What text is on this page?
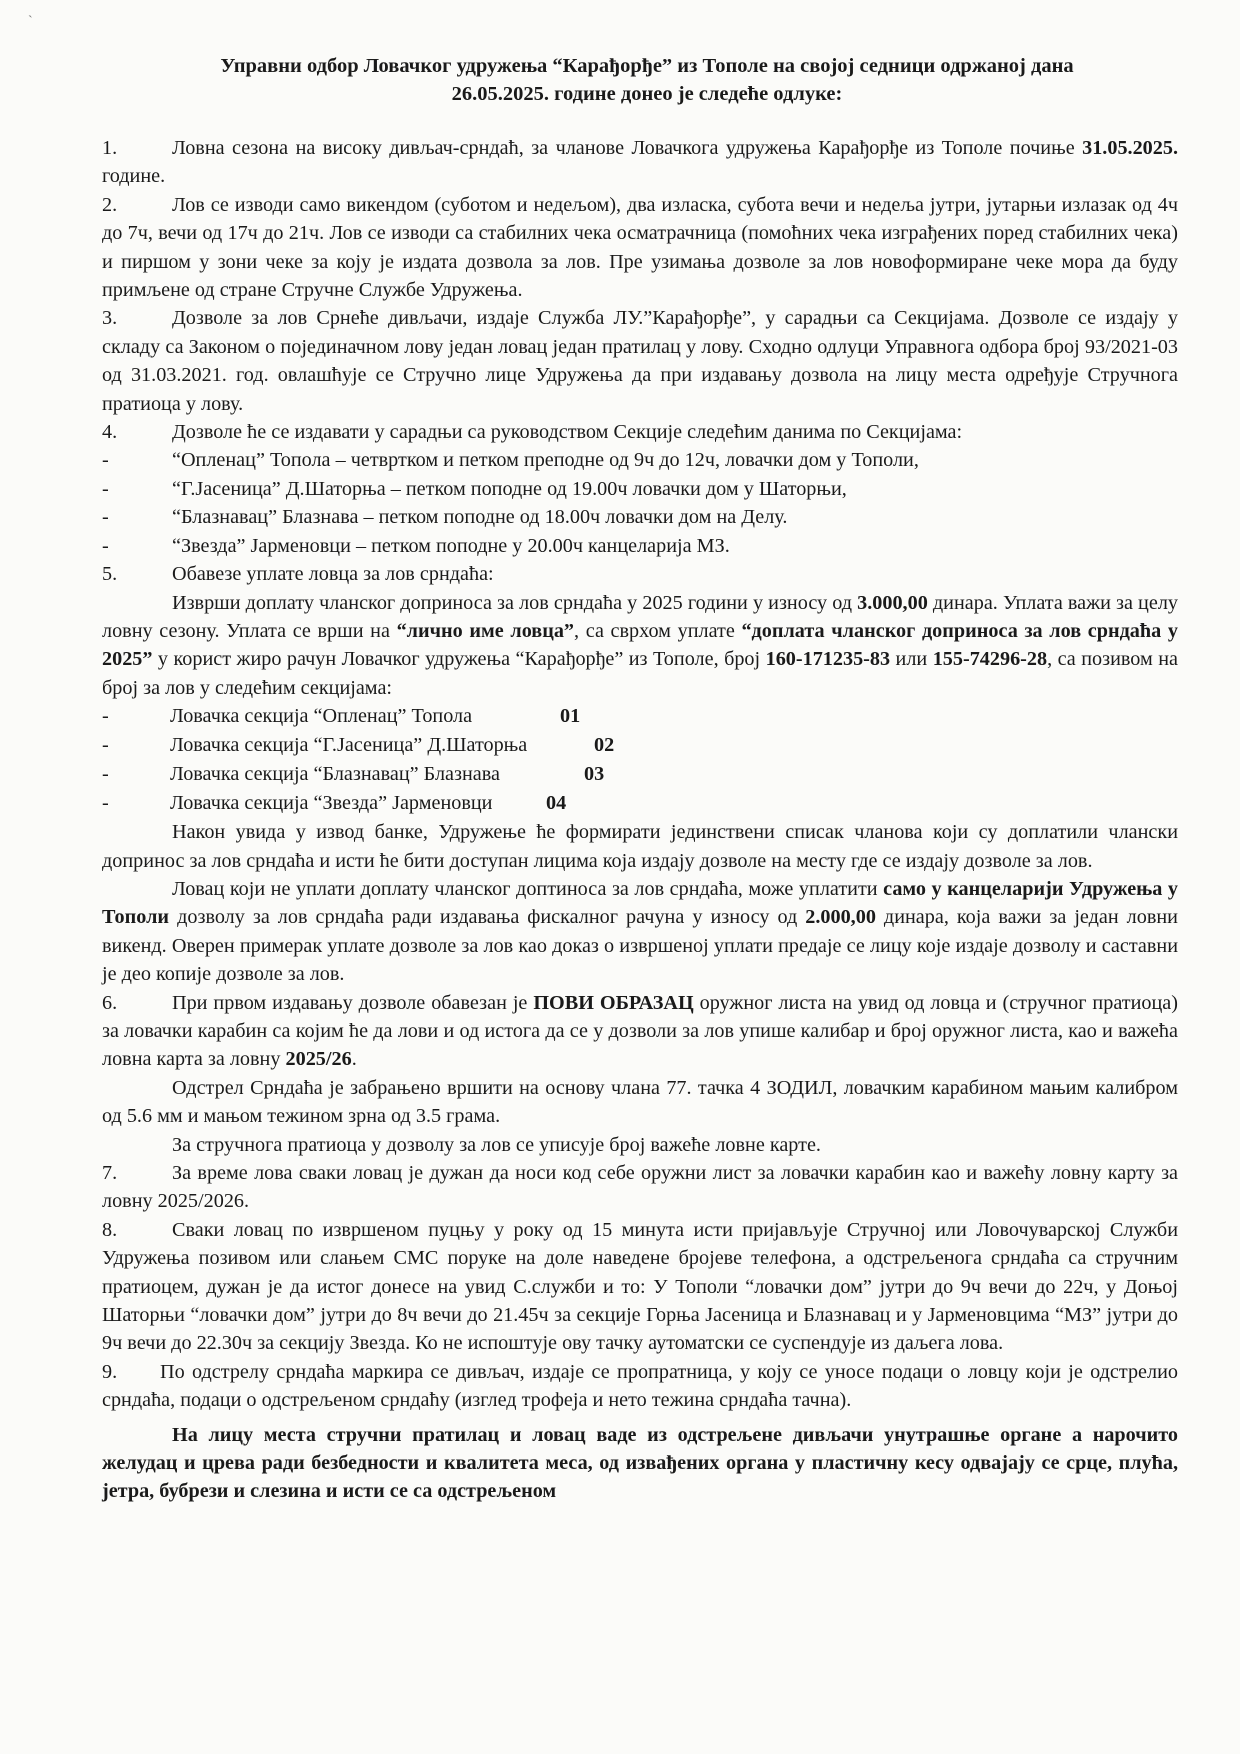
ˋ
Управни одбор Ловачког удружења “Карађорђе” из Тополе на својој седници одржаној дана
26.05.2025. године донео је следеће одлуке:

1.	Ловна сезона на високу дивљач-срндаћ, за чланове Ловачкога удружења Карађорђе из Тополе почиње 31.05.2025. године.

2.	Лов се изводи само викендом (суботом и недељом), два изласка, субота вечи и недеља јутри, јутарњи излазак од 4ч до 7ч, вечи од 17ч до 21ч. Лов се изводи са стабилних чека осматрачница (помоћних чека изграђених поред стабилних чека) и пиршом у зони чеке за коју је издата дозвола за лов. Пре узимања дозволе за лов новоформиране чеке мора да буду примљене од стране Стручне Службе Удружења.

3.	Дозволе за лов Срнеће дивљачи, издаје Служба ЛУ.”Карађорђе”, у сарадњи са Секцијама. Дозволе се издају у складу са Законом о појединачном лову један ловац један пратилац у лову. Сходно одлуци Управнога одбора број 93/2021-03 од 31.03.2021. год. овлашћује се Стручно лице Удружења да при издавању дозвола на лицу места одређује Стручнога пратиоца у лову.

4.	Дозволе ће се издавати у сарадњи са руководством Секције следећим данима по Секцијама:

-	“Опленац” Топола – четвртком и петком преподне од 9ч до 12ч, ловачки дом у Тополи,
-	“Г.Јасеница” Д.Шаторња – петком поподне од 19.00ч ловачки дом у Шаторњи,
-	“Блазнавац” Блазнава – петком поподне од 18.00ч ловачки дом на Делу.
-	“Звезда” Јарменовци – петком поподне у 20.00ч канцеларија МЗ.

5.	Обавезе уплате ловца за лов срндаћа:

Изврши доплату чланског доприноса за лов срндаћа у 2025 години у износу од 3.000,00 динара. Уплата важи за целу ловну сезону. Уплата се врши на “лично име ловца”, са сврхом уплате “доплата чланског доприноса за лов срндаћа у 2025” у корист жиро рачун Ловачког удружења “Карађорђе” из Тополе, број 160-171235-83 или 155-74296-28, са позивом на број за лов у следећим секцијама:

-	Ловачка секција “Опленац” Топола	01
-	Ловачка секција “Г.Јасеница” Д.Шаторња	02
-	Ловачка секција “Блазнавац” Блазнава	03
-	Ловачка секција “Звезда” Јарменовци	04

Након увида у извод банке, Удружење ће формирати јединствени списак чланова који су доплатили члански допринос за лов срндаћа и исти ће бити доступан лицима која издају дозволе на месту где се издају дозволе за лов.

Ловац који не уплати доплату чланског доптиноса за лов срндаћа, може уплатити само у канцеларији Удружења у Тополи дозволу за лов срндаћа ради издавања фискалног рачуна у износу од 2.000,00 динара, која важи за један ловни викенд. Оверен примерак уплате дозволе за лов као доказ о извршеној уплати предаје се лицу које издаје дозволу и саставни је део копије дозволе за лов.

6.	При првом издавању дозволе обавезан је ПОВИ ОБРАЗАЦ оружног листа на увид од ловца и (стручног пратиоца) за ловачки карабин са којим ће да лови и од истога да се у дозволи за лов упише калибар и број оружног листа, као и важећа ловна карта за ловну 2025/26.

Одстрел Срндаћа је забрањено вршити на основу члана 77. тачка 4 ЗОДИЛ, ловачким карабином мањим калибром од 5.6 мм и мањом тежином зрна од 3.5 грама.

За стручнога пратиоца у дозволу за лов се уписује број важеће ловне карте.

7.	За време лова сваки ловац је дужан да носи код себе оружни лист за ловачки карабин као и важећу ловну карту за ловну 2025/2026.

8.	Сваки ловац по извршеном пуцњу у року од 15 минута исти пријављује Стручној или Ловочуварској Служби Удружења позивом или слањем СМС поруке на доле наведене бројеве телефона, а одстрељенога срндаћа са стручним пратиоцем, дужан је да истог донесе на увид С.служби и то: У Тополи “ловачки дом” јутри до 9ч вечи до 22ч, у Доњој Шаторњи “ловачки дом” јутри до 8ч вечи до 21.45ч за секције Горња Јасеница и Блазнавац и у Јарменовцима “МЗ” јутри до 9ч вечи до 22.30ч за секцију Звезда. Ко не испоштује ову тачку аутоматски се суспендује из даљега лова.

9. По одстрелу срндаћа маркира се дивљач, издаје се пропратница, у коју се уносе подаци о ловцу који је одстрелио срндаћа, подаци о одстрељеном срндаћу (изглед трофеја и нето тежина срндаћа тачна).

На лицу места стручни пратилац и ловац ваде из одстрељене дивљачи унутрашње органе а нарочито желудац и црева ради безбедности и квалитета меса, од извађених органа у пластичну кесу одвајају се срце, плућа, јетра, бубрези и слезина и исти се са одстрељеном
